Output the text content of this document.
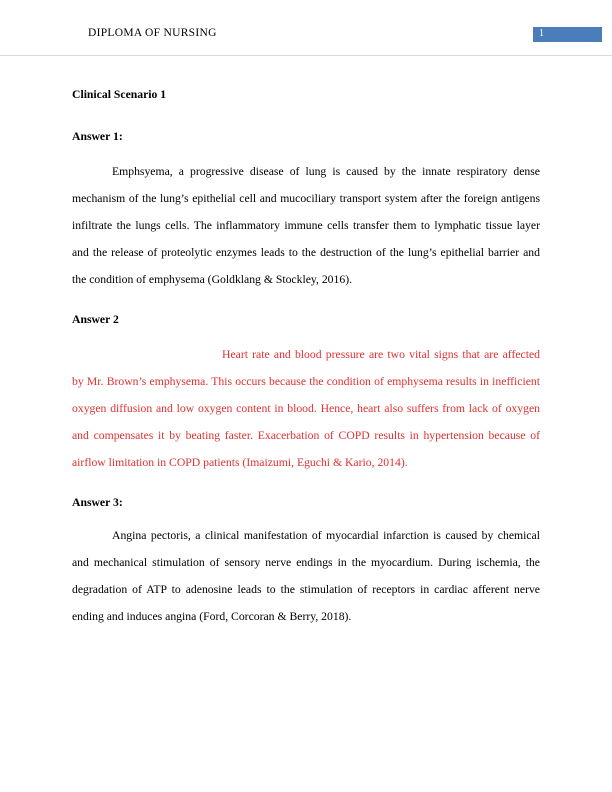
DIPLOMA OF NURSING	1
Clinical Scenario 1
Answer 1:

Emphsyema, a progressive disease of lung is caused by the innate respiratory dense mechanism of the lung’s epithelial cell and mucociliary transport system after the foreign antigens infiltrate the lungs cells. The inflammatory immune cells transfer them to lymphatic tissue layer and the release of proteolytic enzymes leads to the destruction of the lung’s epithelial barrier and the condition of emphysema (Goldklang & Stockley, 2016).

Answer 2

Heart rate and blood pressure are two vital signs that are affected by Mr. Brown’s emphysema. This occurs because the condition of emphysema results in inefficient oxygen diffusion and low oxygen content in blood. Hence, heart also suffers from lack of oxygen and compensates it by beating faster. Exacerbation of COPD results in hypertension because of airflow limitation in COPD patients (Imaizumi, Eguchi & Kario, 2014).

Answer 3:

Angina pectoris, a clinical manifestation of myocardial infarction is caused by chemical and mechanical stimulation of sensory nerve endings in the myocardium. During ischemia, the degradation of ATP to adenosine leads to the stimulation of receptors in cardiac afferent nerve ending and induces angina (Ford, Corcoran & Berry, 2018).
